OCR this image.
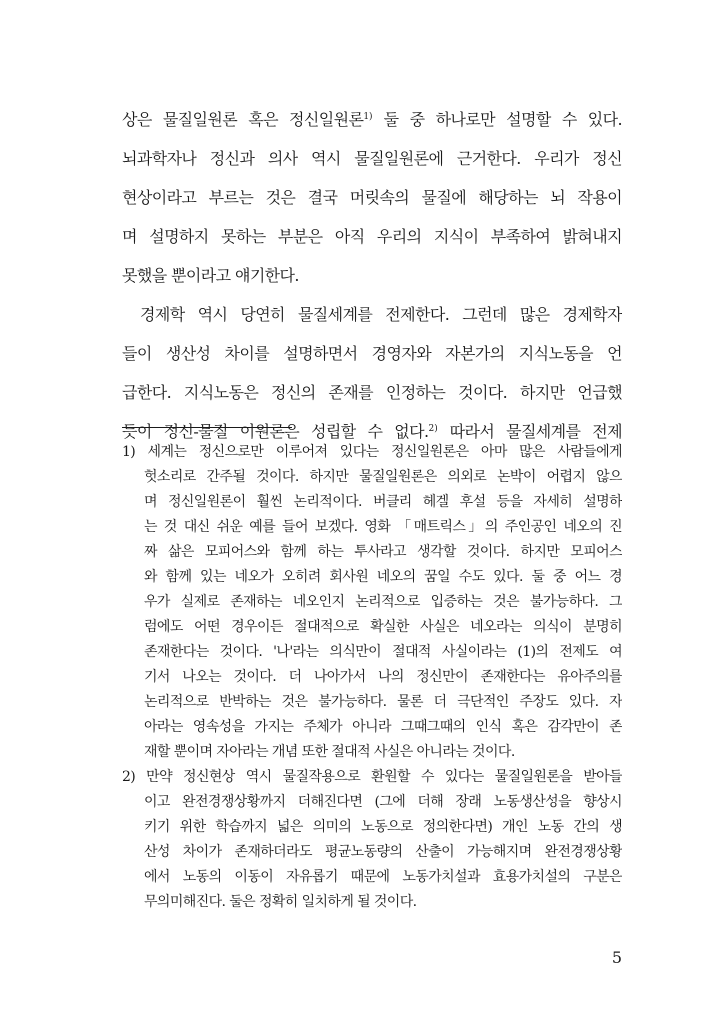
상은 물질일원론 혹은 정신일원론$^{1)}$ 둘 중 하나로만 설명할 수 있다.
뇌과학자나 정신과 의사 역시 물질일원론에 근거한다. 우리가 정신
현상이라고 부르는 것은 결국 머릿속의 물질에 해당하는 뇌 작용이
며 설명하지 못하는 부분은 아직 우리의 지식이 부족하여 밝혀내지
못했을 뿐이라고 얘기한다.
경제학 역시 당연히 물질세계를 전제한다. 그런데 많은 경제학자
들이 생산성 차이를 설명하면서 경영자와 자본가의 지식노동을 언
급한다. 지식노동은 정신의 존재를 인정하는 것이다. 하지만 언급했
듯이 정신-물질 이원론은 성립할 수 없다.$^{2)}$ 따라서 물질세계를 전제
1) 세계는 정신으로만 이루어져 있다는 정신일원론은 아마 많은 사람들에게
헛소리로 간주될 것이다. 하지만 물질일원론은 의외로 논박이 어렵지 않으
며 정신일원론이 훨씬 논리적이다. 버클리 헤겔 후설 등을 자세히 설명하
는 것 대신 쉬운 예를 들어 보겠다. 영화 「매트릭스」의 주인공인 네오의 진
짜 삶은 모피어스와 함께 하는 투사라고 생각할 것이다. 하지만 모피어스
와 함께 있는 네오가 오히려 회사원 네오의 꿈일 수도 있다. 둘 중 어느 경
우가 실제로 존재하는 네오인지 논리적으로 입증하는 것은 불가능하다. 그
럼에도 어떤 경우이든 절대적으로 확실한 사실은 네오라는 의식이 분명히
존재한다는 것이다. '나'라는 의식만이 절대적 사실이라는 (1)의 전제도 여
기서 나오는 것이다. 더 나아가서 나의 정신만이 존재한다는 유아주의를
논리적으로 반박하는 것은 불가능하다. 물론 더 극단적인 주장도 있다. 자
아라는 영속성을 가지는 주체가 아니라 그때그때의 인식 혹은 감각만이 존
재할 뿐이며 자아라는 개념 또한 절대적 사실은 아니라는 것이다.
2) 만약 정신현상 역시 물질작용으로 환원할 수 있다는 물질일원론을 받아들
이고 완전경쟁상황까지 더해진다면 (그에 더해 장래 노동생산성을 향상시
키기 위한 학습까지 넓은 의미의 노동으로 정의한다면) 개인 노동 간의 생
산성 차이가 존재하더라도 평균노동량의 산출이 가능해지며 완전경쟁상황
에서 노동의 이동이 자유롭기 때문에 노동가치설과 효용가치설의 구분은
무의미해진다. 둘은 정확히 일치하게 될 것이다.
5
